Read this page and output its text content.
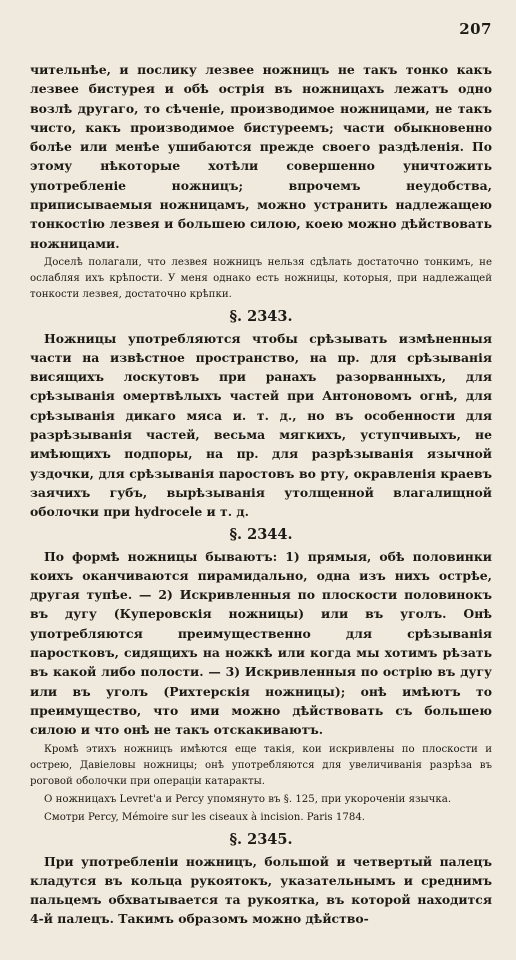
207

чительнѣе, и послику лезвее ножницъ не такъ тонко какъ лезвее бистурея и обѣ острія въ ножницахъ лежатъ одно возлѣ другаго, то сѣченіе, производимое ножницами, не такъ чисто, какъ производимое бистуреемъ; части обыкновенно болѣе или менѣе ушибаются прежде своего раздѣленія. По этому нѣкоторые хотѣли совершенно уничтожить употребленіе ножницъ; впрочемъ неудобства, приписываемыя ножницамъ, можно устранить надлежащею тонкостію лезвея и большею силою, коею можно дѣйствовать ножницами.

Доселѣ полагали, что лезвея ножницъ нельзя сдѣлать достаточно тонкимъ, не ослабляя ихъ крѣпости. У меня однако есть ножницы, которыя, при надлежащей тонкости лезвея, достаточно крѣпки.

§. 2343.

Ножницы употребляются чтобы срѣзывать измѣненныя части на извѣстное пространство, на пр. для срѣзыванія висящихъ лоскутовъ при ранахъ разорванныхъ, для срѣзыванія омертвѣлыхъ частей при Антоновомъ огнѣ, для срѣзыванія дикаго мяса и. т. д., но въ особенности для разрѣзыванія частей, весьма мягкихъ, уступчивыхъ, не имѣющихъ подпоры, на пр. для разрѣзыванія язычной уздочки, для срѣзыванія паростовъ во рту, окравленія краевъ заячихъ губъ, вырѣзыванія утолщенной влагалищной оболочки при hydrocele и т. д.

§. 2344.

По формѣ ножницы бываютъ: 1) прямыя, обѣ половинки коихъ оканчиваются пирамидально, одна изъ нихъ острѣе, другая тупѣе. — 2) Искривленныя по плоскости половинокъ въ дугу (Куперовскія ножницы) или въ уголъ. Онѣ употребляются преимущественно для срѣзыванія паростковъ, сидящихъ на ножкѣ или когда мы хотимъ рѣзать въ какой либо полости. — 3) Искривленныя по острію въ дугу или въ уголъ (Рихтерскія ножницы); онѣ имѣютъ то преимущество, что ими можно дѣйствовать съ большею силою и что онѣ не такъ отскакиваютъ.

Кромѣ этихъ ножницъ имѣются еще такія, кои искривлены по плоскости и острею, Давіеловы ножницы; онѣ употребляются для увеличиванія разрѣза въ роговой оболочки при операціи катаракты.

О ножницахъ Levret'а и Percy упомянуто въ §. 125, при укороченіи язычка.

Смотри Percy, Mémoire sur les ciseaux à incision. Paris 1784.

§. 2345.

При употребленіи ножницъ, большой и четвертый палецъ кладутся въ кольца рукоятокъ, указательнымъ и среднимъ пальцемъ обхватывается та рукоятка, въ которой находится 4-й палецъ. Такимъ образомъ можно дѣйство-
